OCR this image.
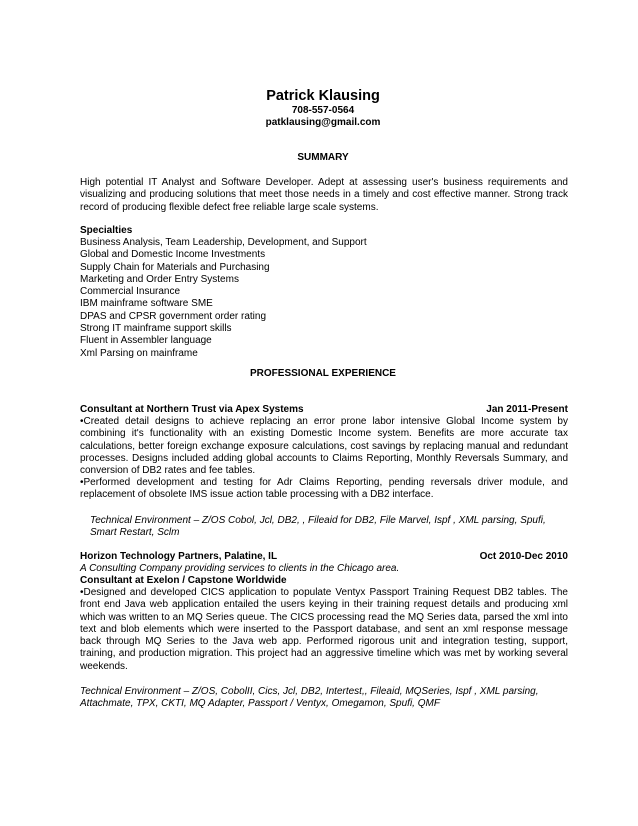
Patrick Klausing
708-557-0564
patklausing@gmail.com
SUMMARY
High potential IT Analyst and Software Developer. Adept at assessing user's business requirements and visualizing and producing solutions that meet those needs in a timely and cost effective manner. Strong track record of producing flexible defect free reliable large scale systems.
Specialties
Business Analysis, Team Leadership, Development, and Support
Global and Domestic Income Investments
Supply Chain for Materials and Purchasing
Marketing and Order Entry Systems
Commercial Insurance
IBM mainframe software SME
DPAS and CPSR government order rating
Strong IT mainframe support skills
Fluent in Assembler language
Xml Parsing on mainframe
PROFESSIONAL EXPERIENCE
Consultant at Northern Trust via Apex Systems	Jan 2011-Present
•Created detail designs to achieve replacing an error prone labor intensive Global Income system by combining it's functionality with an existing Domestic Income system. Benefits are more accurate tax calculations, better foreign exchange exposure calculations, cost savings by replacing manual and redundant processes. Designs included adding global accounts to Claims Reporting, Monthly Reversals Summary, and conversion of DB2 rates and fee tables.
•Performed development and testing for Adr Claims Reporting, pending reversals driver module, and replacement of obsolete IMS issue action table processing with a DB2 interface.
Technical Environment – Z/OS Cobol, Jcl, DB2, , Fileaid for DB2, File Marvel, Ispf , XML parsing, Spufi, Smart Restart, Sclm
Horizon Technology Partners, Palatine, IL	Oct 2010-Dec 2010
A Consulting Company providing services to clients in the Chicago area.
Consultant at Exelon / Capstone Worldwide
•Designed and developed CICS application to populate Ventyx Passport Training Request DB2 tables. The front end Java web application entailed the users keying in their training request details and producing xml which was written to an MQ Series queue. The CICS processing read the MQ Series data, parsed the xml into text and blob elements which were inserted to the Passport database, and sent an xml response message back through MQ Series to the Java web app. Performed rigorous unit and integration testing, support, training, and production migration. This project had an aggressive timeline which was met by working several weekends.
Technical Environment – Z/OS, CobolII, Cics, Jcl, DB2, Intertest,, Fileaid, MQSeries, Ispf , XML parsing, Attachmate, TPX, CKTI, MQ Adapter, Passport / Ventyx, Omegamon, Spufi, QMF
